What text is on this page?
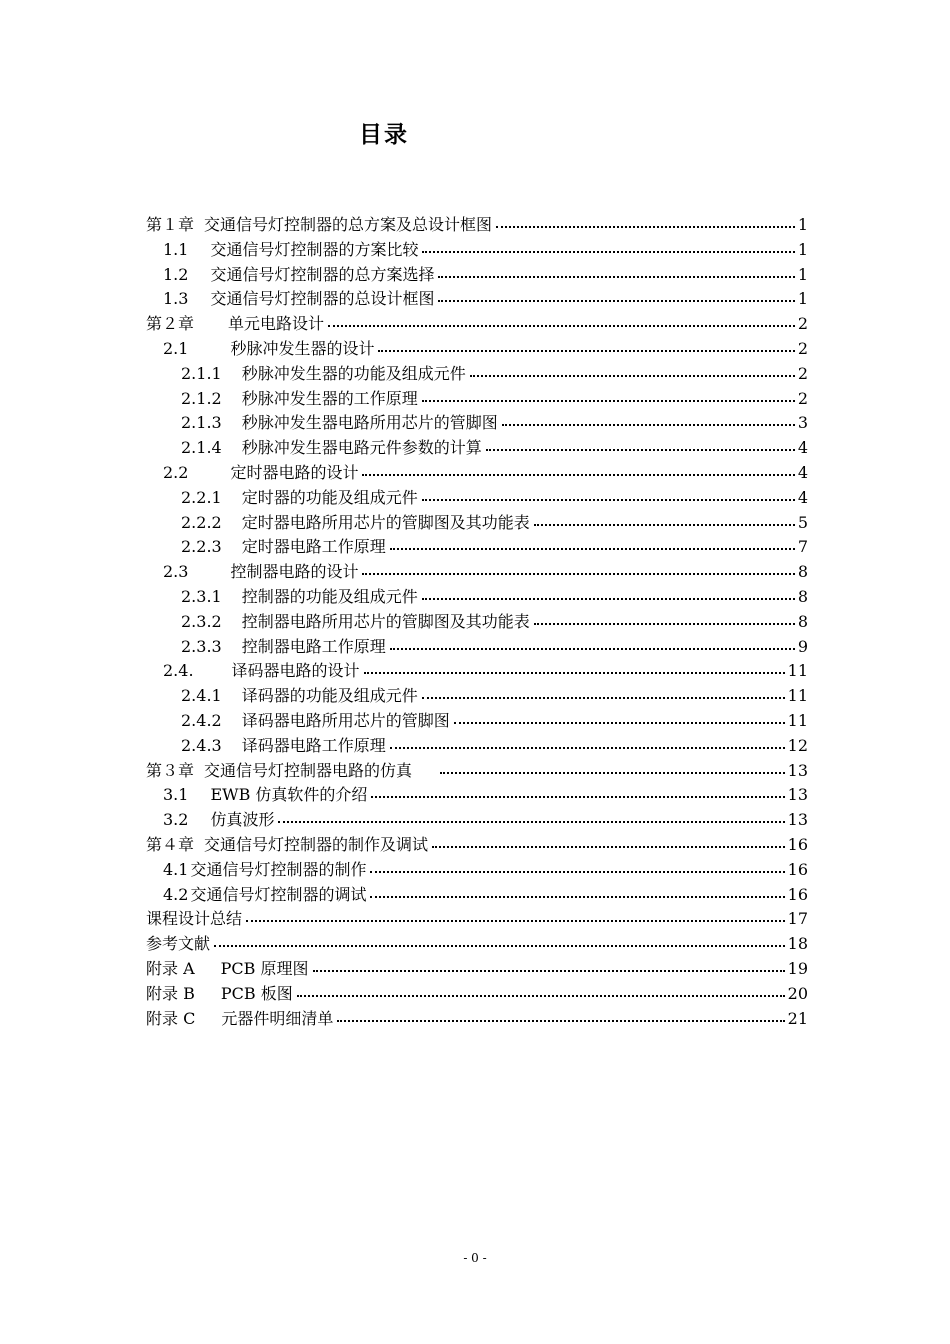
目录
第１章 交通信号灯控制器的总方案及总设计框图	1
1.1 交通信号灯控制器的方案比较	1
1.2 交通信号灯控制器的总方案选择	1
1.3 交通信号灯控制器的总设计框图	1
第２章 单元电路设计	2
2.1	秒脉冲发生器的设计	2
2.1.1 秒脉冲发生器的功能及组成元件	2
2.1.2 秒脉冲发生器的工作原理	2
2.1.3 秒脉冲发生器电路所用芯片的管脚图	3
2.1.4 秒脉冲发生器电路元件参数的计算	4
2.2	定时器电路的设计	4
2.2.1 定时器的功能及组成元件	4
2.2.2 定时器电路所用芯片的管脚图及其功能表	5
2.2.3 定时器电路工作原理	7
2.3	控制器电路的设计	8
2.3.1 控制器的功能及组成元件	8
2.3.2 控制器电路所用芯片的管脚图及其功能表	8
2.3.3 控制器电路工作原理	9
2.4. 译码器电路的设计	11
2.4.1 译码器的功能及组成元件	11
2.4.2 译码器电路所用芯片的管脚图	11
2.4.3 译码器电路工作原理	12
第３章 交通信号灯控制器电路的仿真	13
3.1 EWB 仿真软件的介绍	13
3.2 仿真波形	13
第４章 交通信号灯控制器的制作及调试	16
4.1 交通信号灯控制器的制作	16
4.2 交通信号灯控制器的调试	16
课程设计总结	17
参考文献	18
附录 A PCB 原理图	19
附录 B PCB 板图	20
附录 C 元器件明细清单	21
- 0 -
